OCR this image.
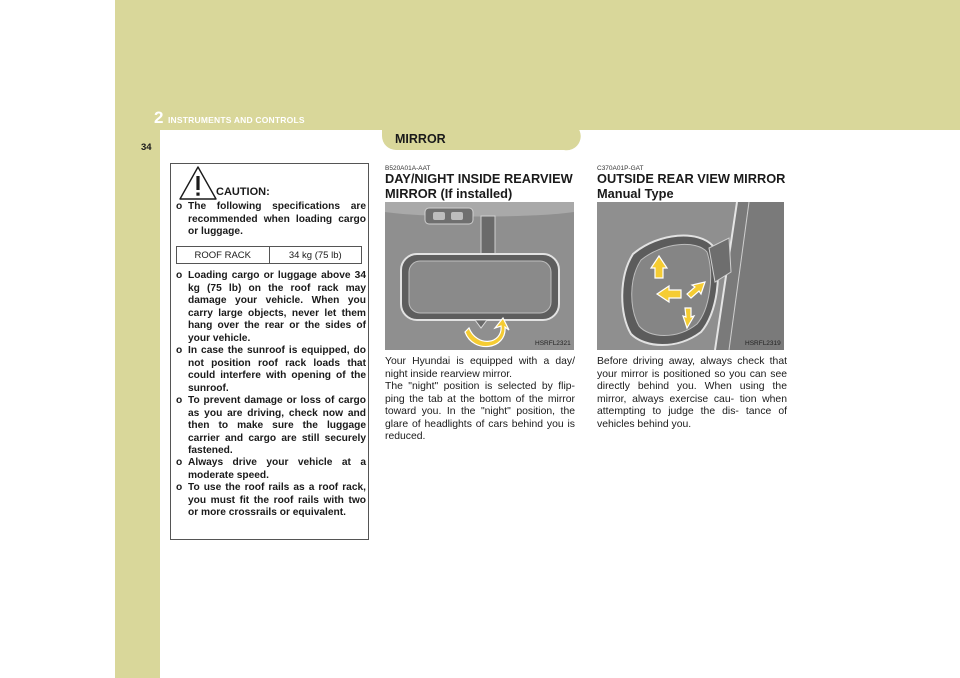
2 INSTRUMENTS AND CONTROLS
34
MIRROR
CAUTION:
o The following specifications are recommended when loading cargo or luggage.
ROOF RACK	34 kg (75 lb)
o Loading cargo or luggage above 34 kg (75 lb) on the roof rack may damage your vehicle. When you carry large objects, never let them hang over the rear or the sides of your vehicle.
o In case the sunroof is equipped, do not position roof rack loads that could interfere with opening of the sunroof.
o To prevent damage or loss of cargo as you are driving, check now and then to make sure the luggage carrier and cargo are still securely fastened.
o Always drive your vehicle at a moderate speed.
o To use the roof rails as a roof rack, you must fit the roof rails with two or more crossrails or equivalent.
B520A01A-AAT
DAY/NIGHT INSIDE REARVIEW
MIRROR (If installed)
HSRFL2321
Your Hyundai is equipped with a day/ night inside rearview mirror.
The "night" position is selected by flip- ping the tab at the bottom of the mirror toward you. In the "night" position, the glare of headlights of cars behind you is reduced.
C370A01P-GAT
OUTSIDE REAR VIEW MIRROR
Manual Type
HSRFL2319
Before driving away, always check that your mirror is positioned so you can see directly behind you. When using the mirror, always exercise cau- tion when attempting to judge the dis- tance of vehicles behind you.
